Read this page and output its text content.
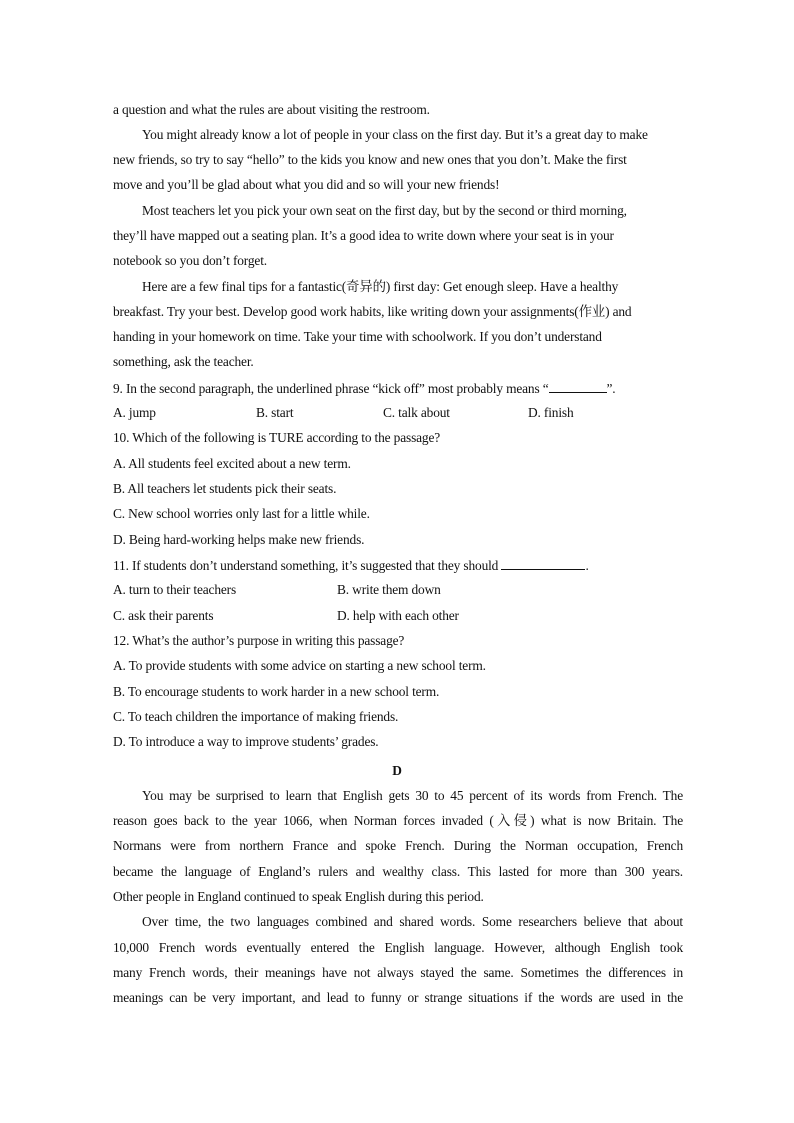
a question and what the rules are about visiting the restroom.
You might already know a lot of people in your class on the first day. But it’s a great day to make
new friends, so try to say “hello” to the kids you know and new ones that you don’t. Make the first
move and you’ll be glad about what you did and so will your new friends!
Most teachers let you pick your own seat on the first day, but by the second or third morning,
they’ll have mapped out a seating plan. It’s a good idea to write down where your seat is in your
notebook so you don’t forget.
Here are a few final tips for a fantastic(奇异的) first day: Get enough sleep. Have a healthy
breakfast. Try your best. Develop good work habits, like writing down your assignments(作业) and
handing in your homework on time. Take your time with schoolwork. If you don’t understand
something, ask the teacher.
9. In the second paragraph, the underlined phrase “kick off” most probably means “	”.
A. jump	B. start	C. talk about	D. finish
10. Which of the following is TURE according to the passage?
A. All students feel excited about a new term.
B. All teachers let students pick their seats.
C. New school worries only last for a little while.
D. Being hard-working helps make new friends.
11. If students don’t understand something, it’s suggested that they should	.
A. turn to their teachers	B. write them down
C. ask their parents	D. help with each other
12. What’s the author’s purpose in writing this passage?
A. To provide students with some advice on starting a new school term.
B. To encourage students to work harder in a new school term.
C. To teach children the importance of making friends.
D. To introduce a way to improve students’ grades.
D
You may be surprised to learn that English gets 30 to 45 percent of its words from French. The
reason goes back to the year 1066, when Norman forces invaded (入侵) what is now Britain. The
Normans were from northern France and spoke French. During the Norman occupation, French
became the language of England’s rulers and wealthy class. This lasted for more than 300 years.
Other people in England continued to speak English during this period.
Over time, the two languages combined and shared words. Some researchers believe that about
10,000 French words eventually entered the English language. However, although English took
many French words, their meanings have not always stayed the same. Sometimes the differences in
meanings can be very important, and lead to funny or strange situations if the words are used in the
